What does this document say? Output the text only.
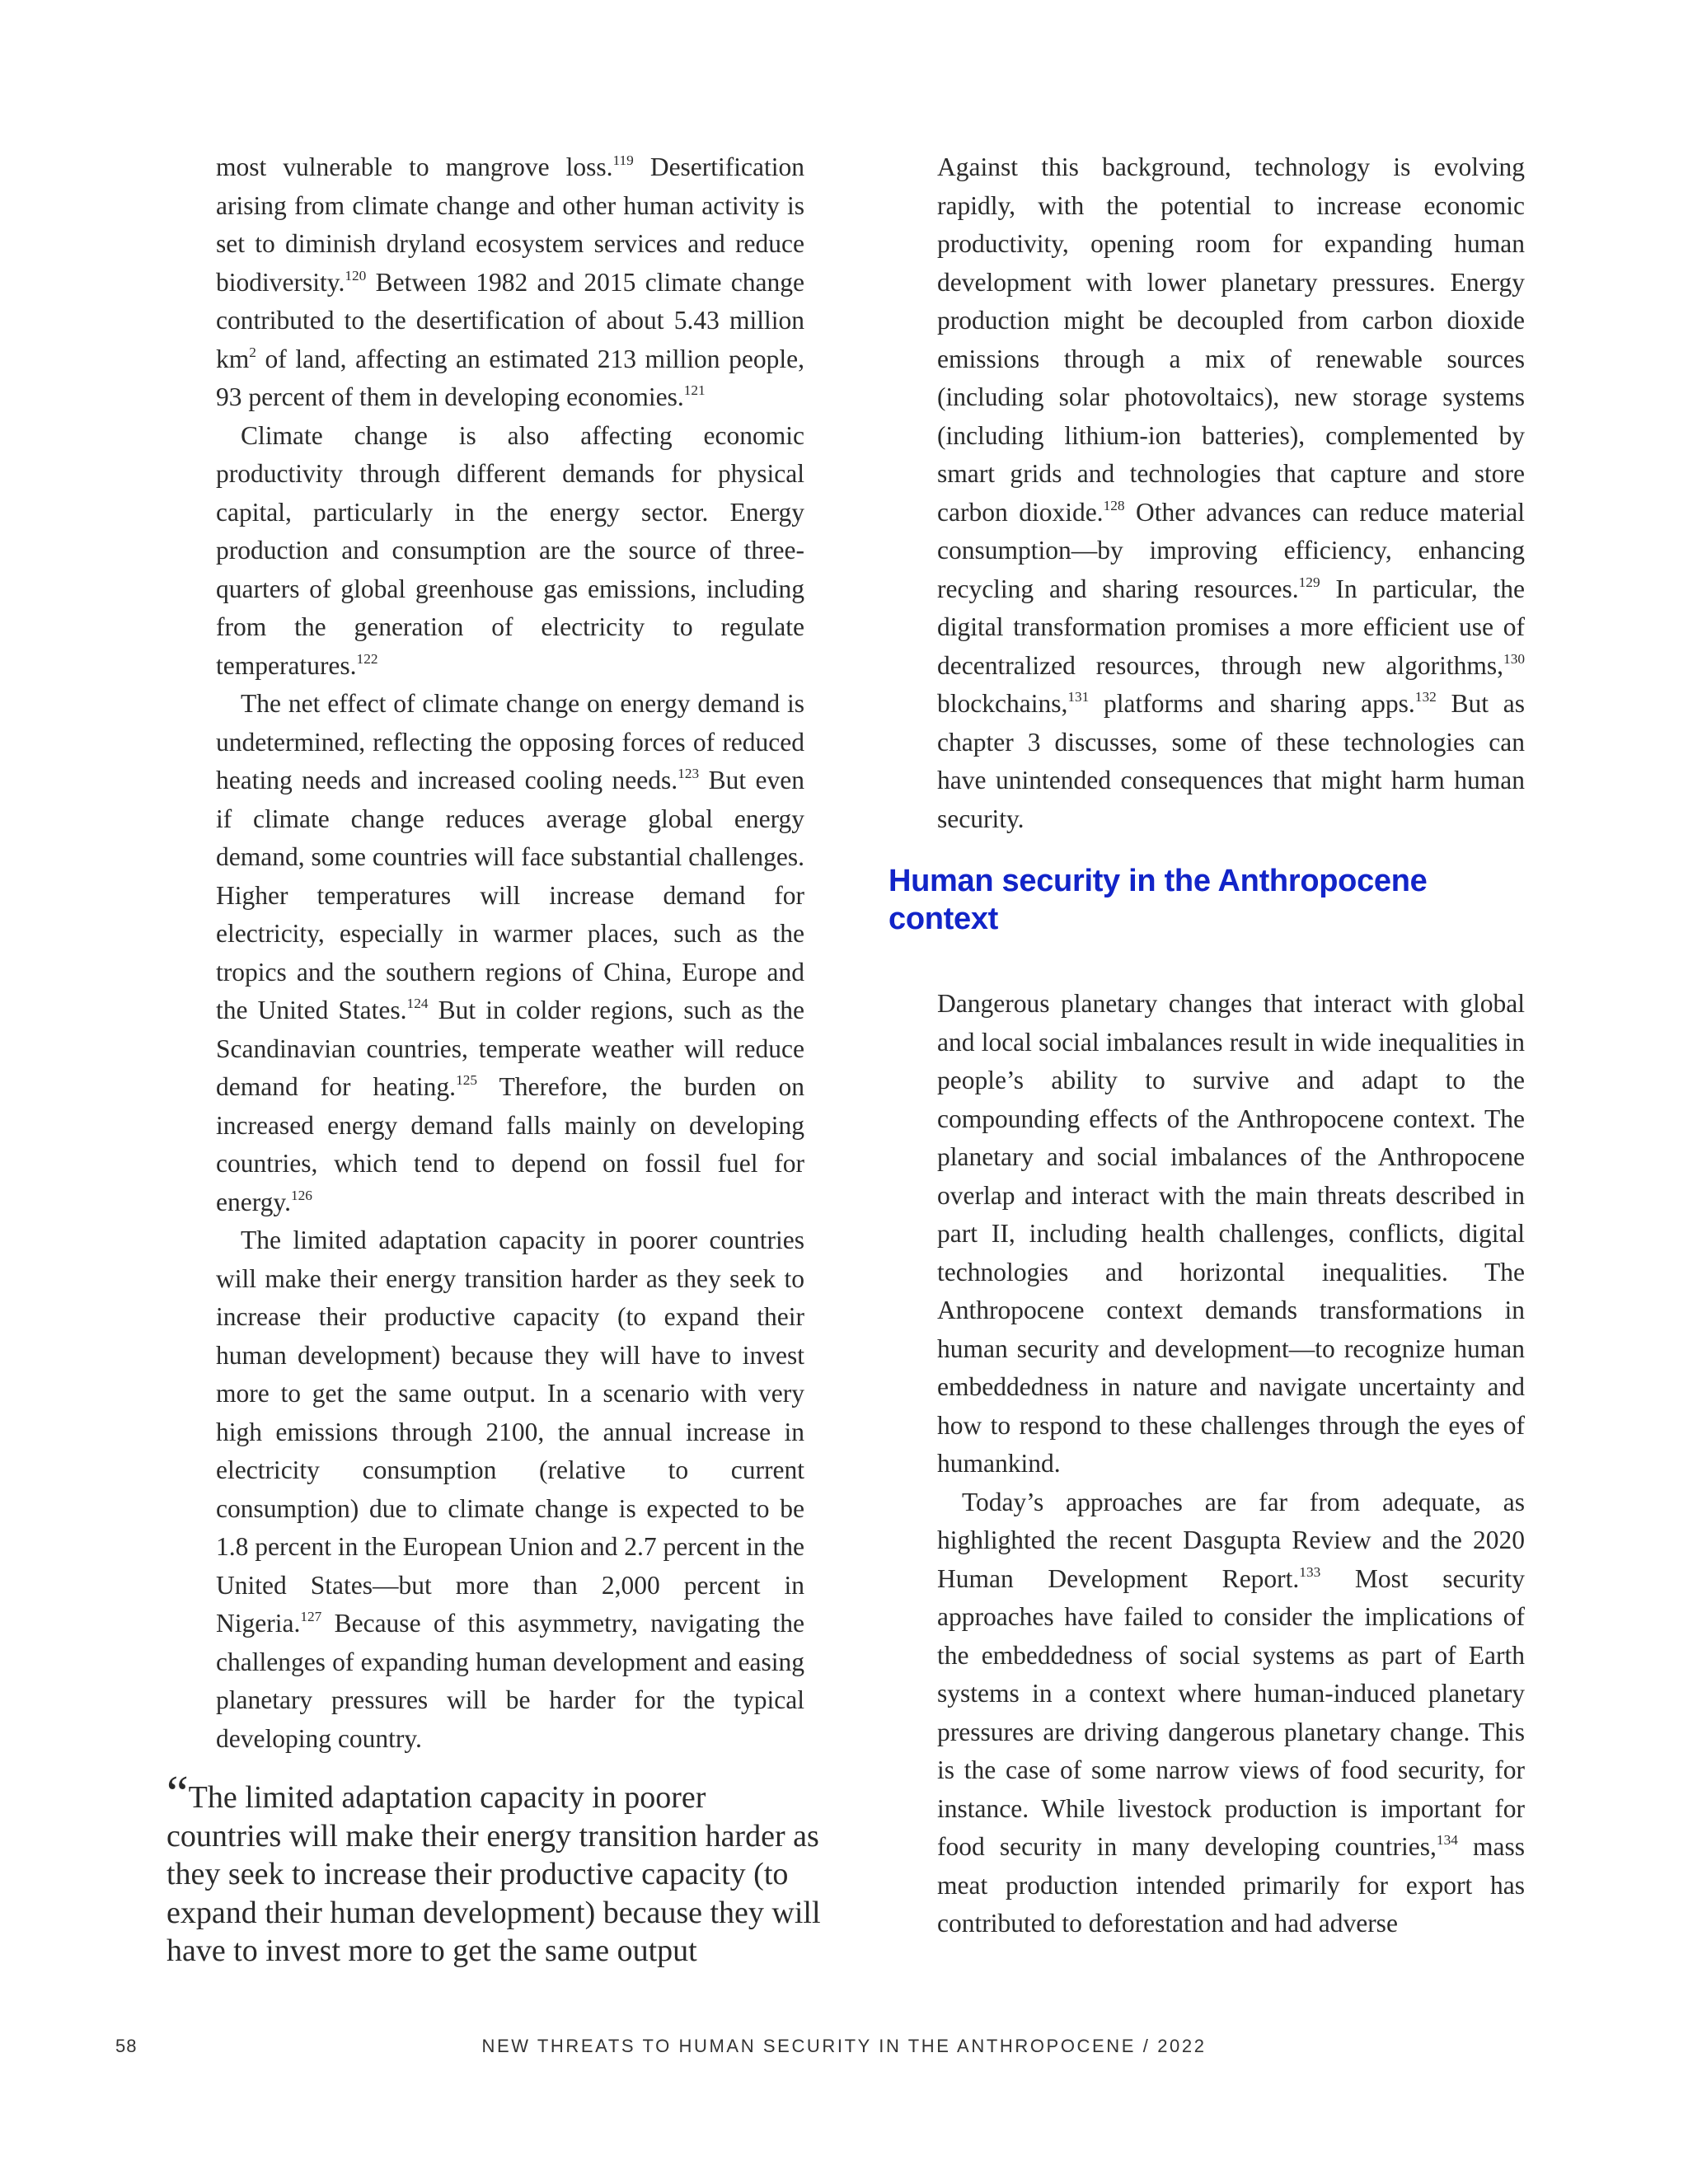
most vulnerable to mangrove loss.$^{119}$ Desertification arising from climate change and other human activity is set to diminish dryland ecosystem services and reduce biodiversity.$^{120}$ Between 1982 and 2015 climate change contributed to the desertification of about 5.43 million $km^2$ of land, affecting an estimated 213 million people, 93 percent of them in developing economies.$^{121}$

Climate change is also affecting economic productivity through different demands for physical capital, particularly in the energy sector. Energy production and consumption are the source of three-quarters of global greenhouse gas emissions, including from the generation of electricity to regulate temperatures.$^{122}$

The net effect of climate change on energy demand is undetermined, reflecting the opposing forces of reduced heating needs and increased cooling needs.$^{123}$ But even if climate change reduces average global energy demand, some countries will face substantial challenges. Higher temperatures will increase demand for electricity, especially in warmer places, such as the tropics and the southern regions of China, Europe and the United States.$^{124}$ But in colder regions, such as the Scandinavian countries, temperate weather will reduce demand for heating.$^{125}$ Therefore, the burden on increased energy demand falls mainly on developing countries, which tend to depend on fossil fuel for energy.$^{126}$

The limited adaptation capacity in poorer countries will make their energy transition harder as they seek to increase their productive capacity (to expand their human development) because they will have to invest more to get the same output. In a scenario with very high emissions through 2100, the annual increase in electricity consumption (relative to current consumption) due to climate change is expected to be 1.8 percent in the European Union and 2.7 percent in the United States—but more than 2,000 percent in Nigeria.$^{127}$ Because of this asymmetry, navigating the challenges of expanding human development and easing planetary pressures will be harder for the typical developing country.

“ The limited adaptation capacity in poorer countries will make their energy transition harder as they seek to increase their productive capacity (to expand their human development) because they will have to invest more to get the same output

Against this background, technology is evolving rapidly, with the potential to increase economic productivity, opening room for expanding human development with lower planetary pressures. Energy production might be decoupled from carbon dioxide emissions through a mix of renewable sources (including solar photovoltaics), new storage systems (including lithium-ion batteries), complemented by smart grids and technologies that capture and store carbon dioxide.$^{128}$ Other advances can reduce material consumption—by improving efficiency, enhancing recycling and sharing resources.$^{129}$ In particular, the digital transformation promises a more efficient use of decentralized resources, through new algorithms,$^{130}$ blockchains,$^{131}$ platforms and sharing apps.$^{132}$ But as chapter 3 discusses, some of these technologies can have unintended consequences that might harm human security.

Human security in the Anthropocene context

Dangerous planetary changes that interact with global and local social imbalances result in wide inequalities in people’s ability to survive and adapt to the compounding effects of the Anthropocene context. The planetary and social imbalances of the Anthropocene overlap and interact with the main threats described in part II, including health challenges, conflicts, digital technologies and horizontal inequalities. The Anthropocene context demands transformations in human security and development—to recognize human embeddedness in nature and navigate uncertainty and how to respond to these challenges through the eyes of humankind.

Today’s approaches are far from adequate, as highlighted the recent Dasgupta Review and the 2020 Human Development Report.$^{133}$ Most security approaches have failed to consider the implications of the embeddedness of social systems as part of Earth systems in a context where human-induced planetary pressures are driving dangerous planetary change. This is the case of some narrow views of food security, for instance. While livestock production is important for food security in many developing countries,$^{134}$ mass meat production intended primarily for export has contributed to deforestation and had adverse

58	NEW THREATS TO HUMAN SECURITY IN THE ANTHROPOCENE / 2022
